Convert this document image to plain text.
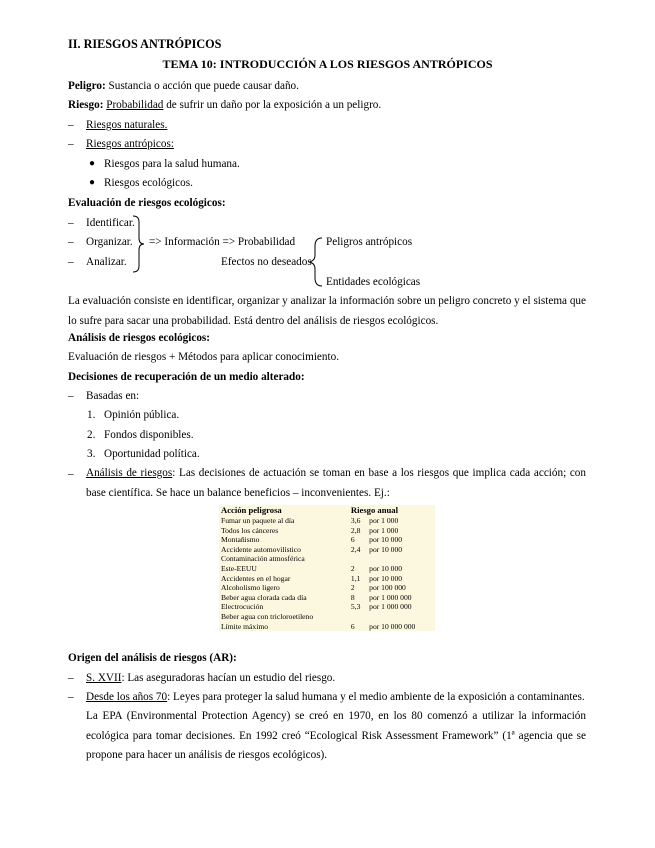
II. RIESGOS ANTRÓPICOS
TEMA 10: INTRODUCCIÓN A LOS RIESGOS ANTRÓPICOS
Peligro: Sustancia o acción que puede causar daño.
Riesgo: Probabilidad de sufrir un daño por la exposición a un peligro.
– Riesgos naturales.
– Riesgos antrópicos:
● Riesgos para la salud humana.
● Riesgos ecológicos.
Evaluación de riesgos ecológicos:
– Identificar.
– Organizar.
– Analizar.
=> Información => Probabilidad
Efectos no deseados
Peligros antrópicos
Entidades ecológicas
La evaluación consiste en identificar, organizar y analizar la información sobre un peligro concreto y el sistema que lo sufre para sacar una probabilidad. Está dentro del análisis de riesgos ecológicos.
Análisis de riesgos ecológicos:
Evaluación de riesgos + Métodos para aplicar conocimiento.
Decisiones de recuperación de un medio alterado:
– Basadas en:
1. Opinión pública.
2. Fondos disponibles.
3. Oportunidad política.
– Análisis de riesgos: Las decisiones de actuación se toman en base a los riesgos que implica cada acción; con base científica. Se hace un balance beneficios – inconvenientes. Ej.:
Acción peligrosa	Riesgo anual	
Fumar un paquete al día	3,6	por 1 000
Todos los cánceres	2,8	por 1 000
Montañismo	6	por 10 000
Accidente automovilístico	2,4	por 10 000
Contaminación atmosférica		
Este-EEUU	2	por 10 000
Accidentes en el hogar	1,1	por 10 000
Alcoholismo ligero	2	por 100 000
Beber agua clorada cada día	8	por 1 000 000
Electrocución	5,3	por 1 000 000
Beber agua con tricloroetileno		
Límite máximo	6	por 10 000 000
Origen del análisis de riesgos (AR):
– S. XVII: Las aseguradoras hacían un estudio del riesgo.
– Desde los años 70: Leyes para proteger la salud humana y el medio ambiente de la exposición a contaminantes.
La EPA (Environmental Protection Agency) se creó en 1970, en los 80 comenzó a utilizar la información ecológica para tomar decisiones. En 1992 creó “Ecological Risk Assessment Framework” (1ª agencia que se propone para hacer un análisis de riesgos ecológicos).
